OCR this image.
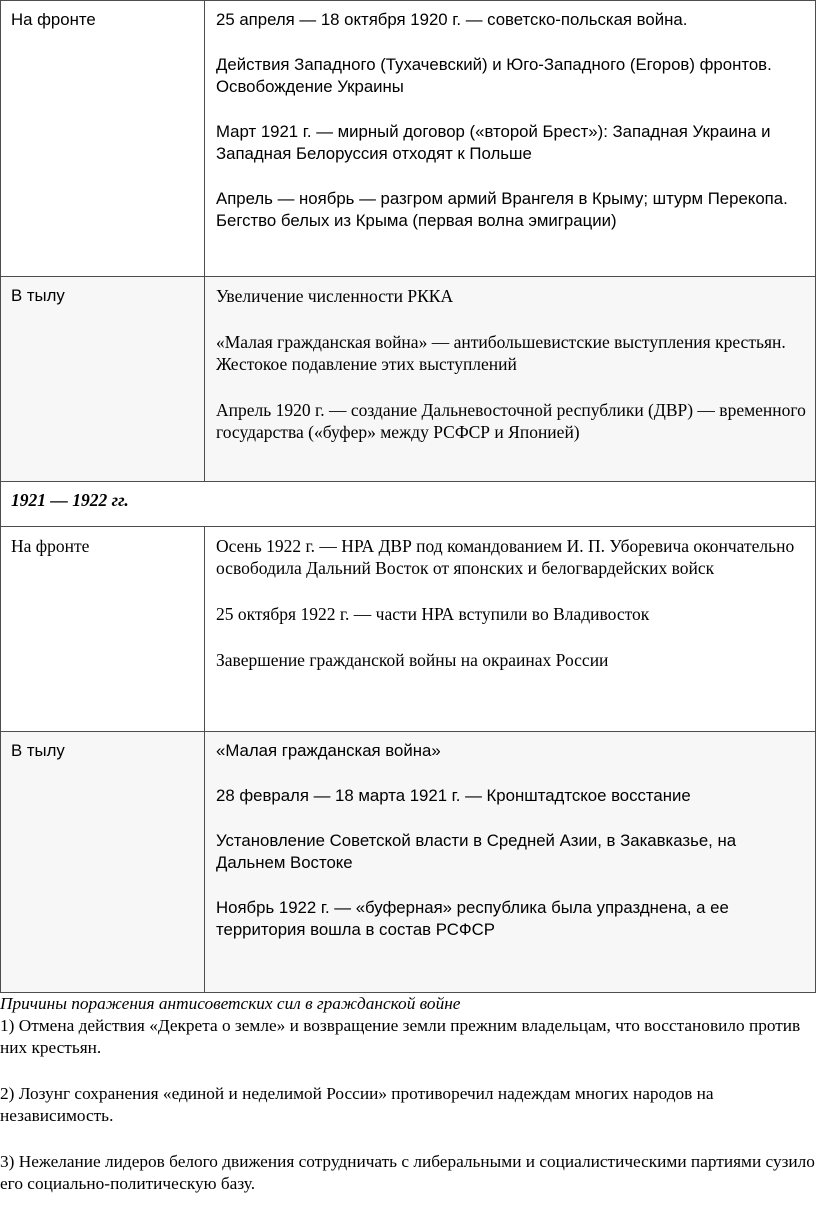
На фронте	25 апреля — 18 октября 1920 г. — советско-польская война.

Действия Западного (Тухачевский) и Юго-Западного (Егоров) фронтов. Освобождение Украины

Март 1921 г. — мирный договор («второй Брест»): Западная Украина и Западная Белоруссия отходят к Польше

Апрель — ноябрь — разгром армий Врангеля в Крыму; штурм Перекопа. Бегство белых из Крыма (первая волна эмиграции)

В тылу	Увеличение численности РККА

«Малая гражданская война» — антибольшевистские выступления крестьян. Жестокое подавление этих выступлений

Апрель 1920 г. — создание Дальневосточной республики (ДВР) — временного государства («буфер» между РСФСР и Японией)

1921 — 1922 гг.
На фронте	Осень 1922 г. — НРА ДВР под командованием И. П. Уборевича окончательно освободила Дальний Восток от японских и белогвардейских войск

25 октября 1922 г. — части НРА вступили во Владивосток

Завершение гражданской войны на окраинах России

В тылу	«Малая гражданская война»

28 февраля — 18 марта 1921 г. — Кронштадтское восстание

Установление Советской власти в Средней Азии, в Закавказье, на Дальнем Востоке

Ноябрь 1922 г. — «буферная» республика была упразднена, а ее территория вошла в состав РСФСР

Причины поражения антисоветских сил в гражданской войне

1) Отмена действия «Декрета о земле» и возвращение земли прежним владельцам, что восстановило против них крестьян.

2) Лозунг сохранения «единой и неделимой России» противоречил надеждам многих народов на независимость.

3) Нежелание лидеров белого движения сотрудничать с либеральными и социалистическими партиями сузило его социально-политическую базу.
